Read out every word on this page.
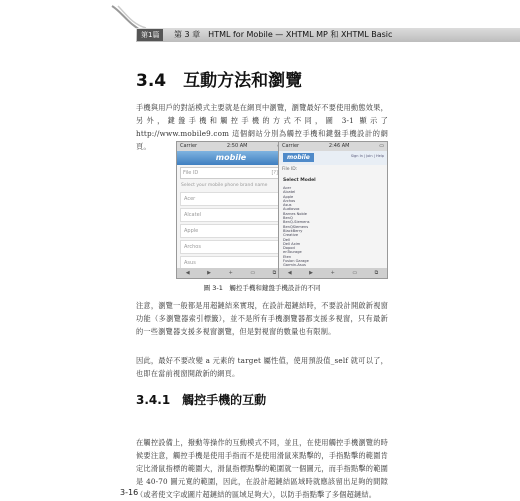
第1篇	第 3 章　HTML for Mobile — XHTML MP 和 XHTML Basic
3.4　互動方法和瀏覽

手機與用戶的對話模式主要就是在網頁中瀏覽，瀏覽最好不要使用動態效果，另外，鍵盤手機和觸控手機的方式不同，圖 3-1 顯示了 http://www.mobile9.com 這個網站分別為觸控手機和鍵盤手機設計的網頁。	Carrier	2:50 AM
mobile
File ID	[?]
Select your mobile phone brand name
Acer
Alcatel
Apple
Archos
Asus
◀	▶	+	▭	⧉
Carrier	2:46 AM	▭
mobile	Sign In | Join | Help
File ID:
Select Model
Acer
Alcatel
Apple
Archos
Asus
Audiovox
Barnes Noble
BenQ
BenQ-Siemens
BenQSiemens
BlackBerry
Creative
Dell
Dell Axim
Dopod
enTourage
Eten
Fusion Garage
Garmin-Asus
◀	▶	+	▭	⧉
圖 3-1　觸控手機和鍵盤手機設計的不同

注意，瀏覽一般都是用超鏈結來實現，在設計超鏈結時，不要設計開啟新視窗功能（多瀏覽器索引標籤），並不是所有手機瀏覽器都支援多視窗，只有最新的一些瀏覽器支援多視窗瀏覽，但是對視窗的數量也有限制。

因此，最好不要改變 a 元素的 target 屬性值，使用預設值_self 就可以了，也即在當前視窗開啟新的網頁。

3.4.1　觸控手機的互動

在觸控設備上，撥動等操作的互動模式不同，並且，在使用觸控手機瀏覽的時候要注意，觸控手機是使用手指而不是使用滑鼠來點擊的，手指點擊的範圍肯定比滑鼠指標的範圍大，滑鼠指標點擊的範圍就一個圖元，而手指點擊的範圍是 40-70 圖元寬的範圍，因此，在設計超鏈結區域時就應該留出足夠的間隙（或者使文字或圖片超鏈結的區域足夠大），以防手指點擊了多個超鏈結。

3-16
